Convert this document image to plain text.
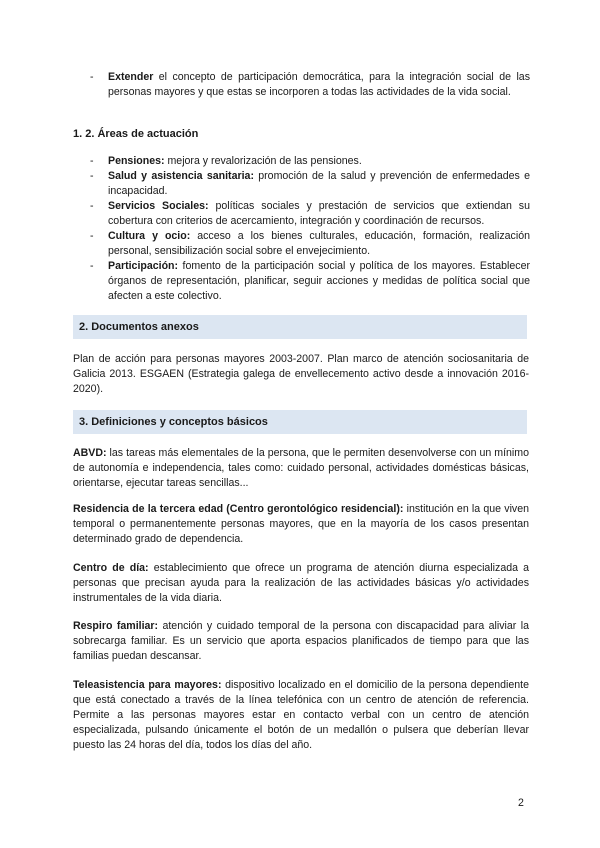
- Extender el concepto de participación democrática, para la integración social de las personas mayores y que estas se incorporen a todas las actividades de la vida social.
1. 2. Áreas de actuación
- Pensiones: mejora y revalorización de las pensiones.
- Salud y asistencia sanitaria: promoción de la salud y prevención de enfermedades e incapacidad.
- Servicios Sociales: políticas sociales y prestación de servicios que extiendan su cobertura con criterios de acercamiento, integración y coordinación de recursos.
- Cultura y ocio: acceso a los bienes culturales, educación, formación, realización personal, sensibilización social sobre el envejecimiento.
- Participación: fomento de la participación social y política de los mayores. Establecer órganos de representación, planificar, seguir acciones y medidas de política social que afecten a este colectivo.
2. Documentos anexos

Plan de acción para personas mayores 2003-2007. Plan marco de atención sociosanitaria de Galicia 2013. ESGAEN (Estrategia galega de envellecemento activo desde a innovación 2016-2020).

3. Definiciones y conceptos básicos

ABVD: las tareas más elementales de la persona, que le permiten desenvolverse con un mínimo de autonomía e independencia, tales como: cuidado personal, actividades domésticas básicas, orientarse, ejecutar tareas sencillas...

Residencia de la tercera edad (Centro gerontológico residencial): institución en la que viven temporal o permanentemente personas mayores, que en la mayoría de los casos presentan determinado grado de dependencia.

Centro de día: establecimiento que ofrece un programa de atención diurna especializada a personas que precisan ayuda para la realización de las actividades básicas y/o actividades instrumentales de la vida diaria.

Respiro familiar: atención y cuidado temporal de la persona con discapacidad para aliviar la sobrecarga familiar. Es un servicio que aporta espacios planificados de tiempo para que las familias puedan descansar.

Teleasistencia para mayores: dispositivo localizado en el domicilio de la persona dependiente que está conectado a través de la línea telefónica con un centro de atención de referencia. Permite a las personas mayores estar en contacto verbal con un centro de atención especializada, pulsando únicamente el botón de un medallón o pulsera que deberían llevar puesto las 24 horas del día, todos los días del año.

2
